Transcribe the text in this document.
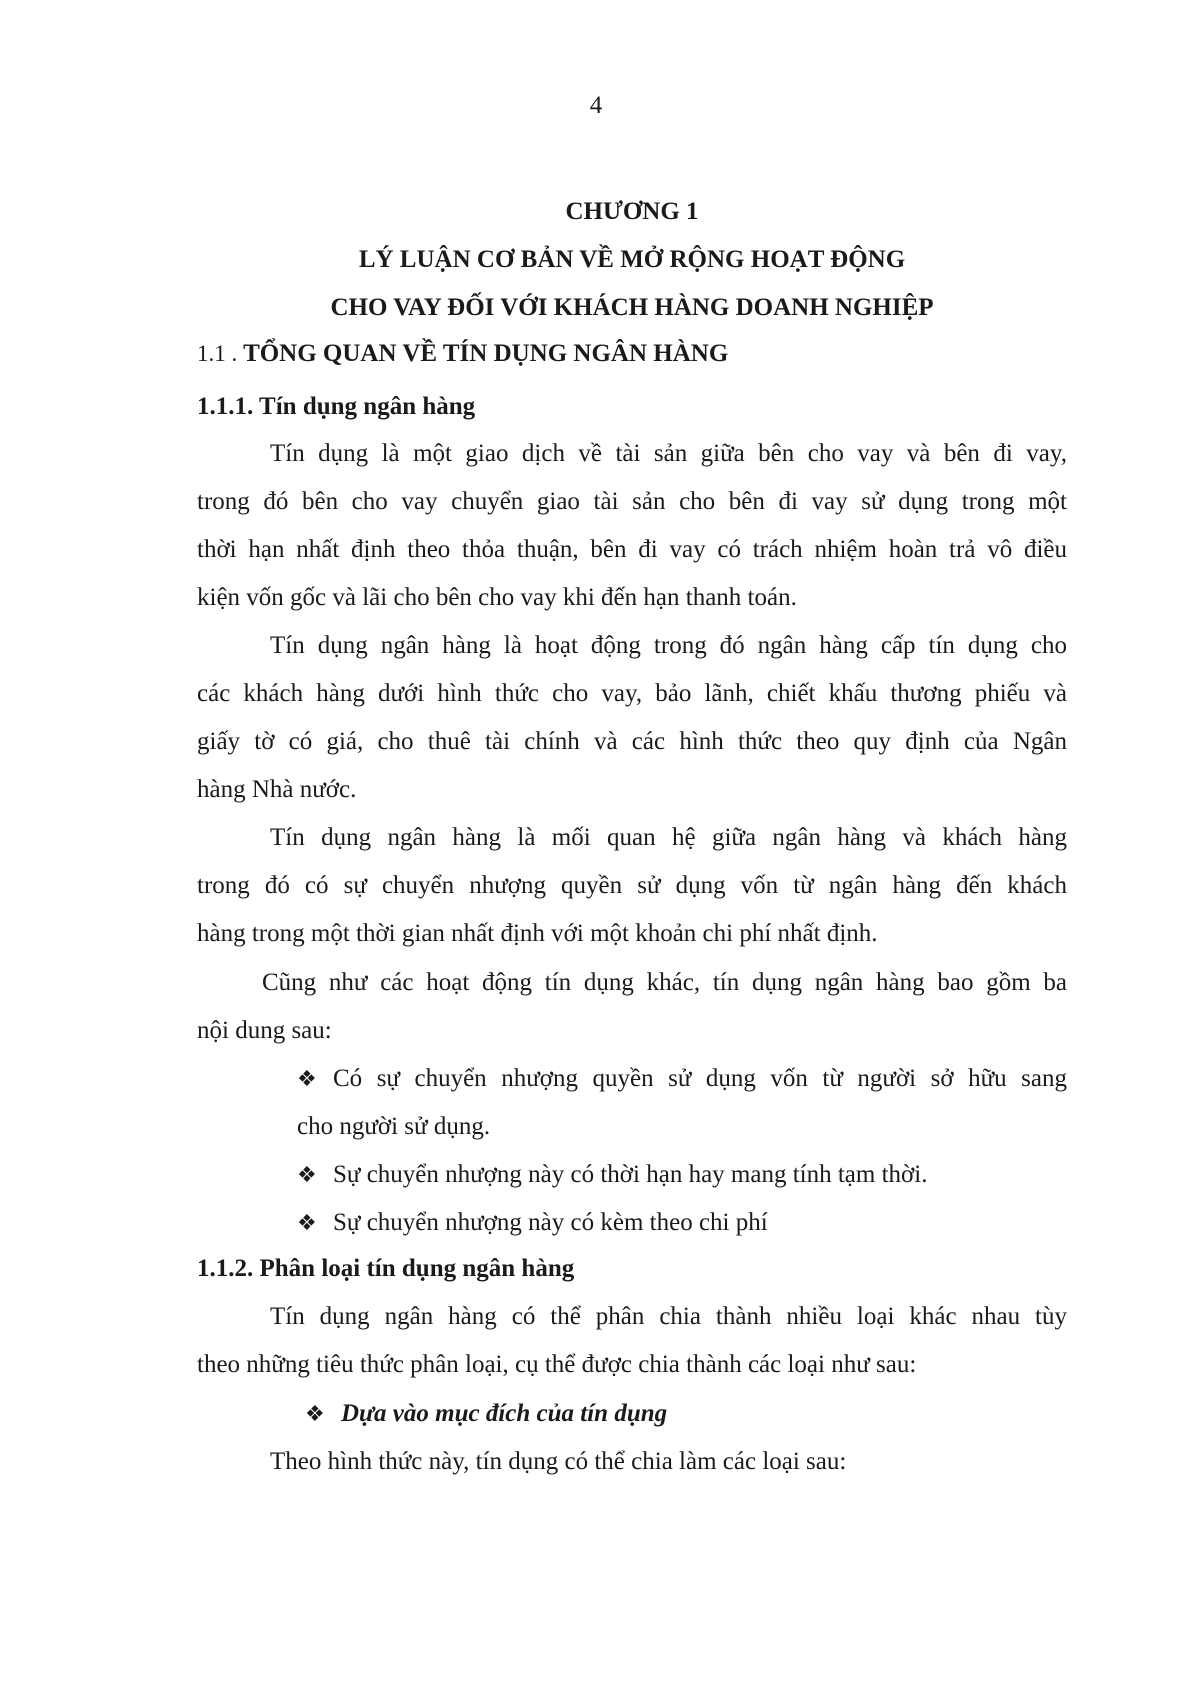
4
CHƯƠNG 1
LÝ LUẬN CƠ BẢN VỀ MỞ RỘNG HOẠT ĐỘNG
CHO VAY ĐỐI VỚI KHÁCH HÀNG DOANH NGHIỆP
1.1 . TỔNG QUAN VỀ TÍN DỤNG NGÂN HÀNG
1.1.1. Tín dụng ngân hàng
Tín dụng là một giao dịch về tài sản giữa bên cho vay và bên đi vay,
trong đó bên cho vay chuyển giao tài sản cho bên đi vay sử dụng trong một
thời hạn nhất định theo thỏa thuận, bên đi vay có trách nhiệm hoàn trả vô điều
kiện vốn gốc và lãi cho bên cho vay khi đến hạn thanh toán.
Tín dụng ngân hàng là hoạt động trong đó ngân hàng cấp tín dụng cho
các khách hàng dưới hình thức cho vay, bảo lãnh, chiết khấu thương phiếu và
giấy tờ có giá, cho thuê tài chính và các hình thức theo quy định của Ngân
hàng Nhà nước.
Tín dụng ngân hàng là mối quan hệ giữa ngân hàng và khách hàng
trong đó có sự chuyển nhượng quyền sử dụng vốn từ ngân hàng đến khách
hàng trong một thời gian nhất định với một khoản chi phí nhất định.
Cũng như các hoạt động tín dụng khác, tín dụng ngân hàng bao gồm ba
nội dung sau:
❖ Có sự chuyển nhượng quyền sử dụng vốn từ người sở hữu sang
cho người sử dụng.
❖ Sự chuyển nhượng này có thời hạn hay mang tính tạm thời.
❖ Sự chuyển nhượng này có kèm theo chi phí
1.1.2. Phân loại tín dụng ngân hàng
Tín dụng ngân hàng có thể phân chia thành nhiều loại khác nhau tùy
theo những tiêu thức phân loại, cụ thể được chia thành các loại như sau:
❖ Dựa vào mục đích của tín dụng
Theo hình thức này, tín dụng có thể chia làm các loại sau:
